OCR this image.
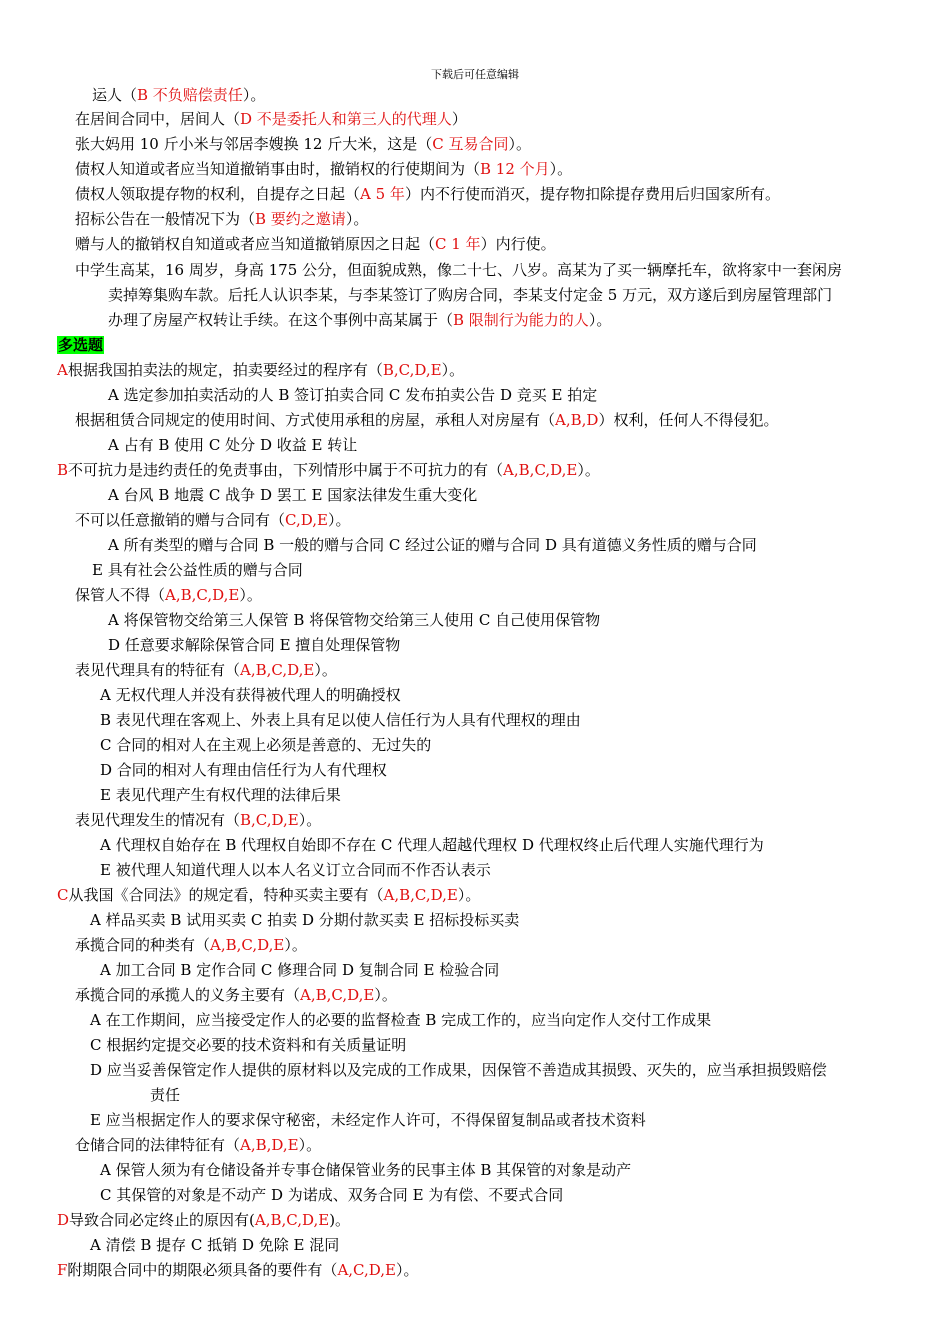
下载后可任意编辑
运人（B 不负赔偿责任）。
在居间合同中，居间人（D 不是委托人和第三人的代理人）
张大妈用 10 斤小米与邻居李嫂换 12 斤大米，这是（C 互易合同）。
债权人知道或者应当知道撤销事由时，撤销权的行使期间为（B 12 个月）。
债权人领取提存物的权利，自提存之日起（A 5 年）内不行使而消灭，提存物扣除提存费用后归国家所有。
招标公告在一般情况下为（B 要约之邀请）。
赠与人的撤销权自知道或者应当知道撤销原因之日起（C 1 年）内行使。
中学生高某，16 周岁，身高 175 公分，但面貌成熟，像二十七、八岁。高某为了买一辆摩托车，欲将家中一套闲房
卖掉筹集购车款。后托人认识李某，与李某签订了购房合同，李某支付定金 5 万元，双方遂后到房屋管理部门
办理了房屋产权转让手续。在这个事例中高某属于（B 限制行为能力的人）。
多选题
A根据我国拍卖法的规定，拍卖要经过的程序有（B,C,D,E）。
A 选定参加拍卖活动的人 B 签订拍卖合同 C 发布拍卖公告 D 竞买 E 拍定
根据租赁合同规定的使用时间、方式使用承租的房屋，承租人对房屋有（A,B,D）权利，任何人不得侵犯。
A 占有 B 使用 C 处分 D 收益 E 转让
B不可抗力是违约责任的免责事由，下列情形中属于不可抗力的有（A,B,C,D,E）。
A 台风 B 地震 C 战争 D 罢工 E 国家法律发生重大变化
不可以任意撤销的赠与合同有（C,D,E）。
A 所有类型的赠与合同 B 一般的赠与合同 C 经过公证的赠与合同 D 具有道德义务性质的赠与合同
E 具有社会公益性质的赠与合同
保管人不得（A,B,C,D,E）。
A 将保管物交给第三人保管 B 将保管物交给第三人使用 C 自己使用保管物
D 任意要求解除保管合同 E 擅自处理保管物
表见代理具有的特征有（A,B,C,D,E）。
A 无权代理人并没有获得被代理人的明确授权
B 表见代理在客观上、外表上具有足以使人信任行为人具有代理权的理由
C 合同的相对人在主观上必须是善意的、无过失的
D 合同的相对人有理由信任行为人有代理权
E 表见代理产生有权代理的法律后果
表见代理发生的情况有（B,C,D,E）。
A 代理权自始存在 B 代理权自始即不存在 C 代理人超越代理权 D 代理权终止后代理人实施代理行为
E 被代理人知道代理人以本人名义订立合同而不作否认表示
C从我国《合同法》的规定看，特种买卖主要有（A,B,C,D,E）。
A 样品买卖 B 试用买卖 C 拍卖 D 分期付款买卖 E 招标投标买卖
承揽合同的种类有（A,B,C,D,E）。
A 加工合同 B 定作合同 C 修理合同 D 复制合同 E 检验合同
承揽合同的承揽人的义务主要有（A,B,C,D,E）。
A 在工作期间，应当接受定作人的必要的监督检查 B 完成工作的，应当向定作人交付工作成果
C 根据约定提交必要的技术资料和有关质量证明
D 应当妥善保管定作人提供的原材料以及完成的工作成果，因保管不善造成其损毁、灭失的，应当承担损毁赔偿
责任
E 应当根据定作人的要求保守秘密，未经定作人许可，不得保留复制品或者技术资料
仓储合同的法律特征有（A,B,D,E）。
A 保管人须为有仓储设备并专事仓储保管业务的民事主体 B 其保管的对象是动产
C 其保管的对象是不动产 D 为诺成、双务合同 E 为有偿、不要式合同
D导致合同必定终止的原因有(A,B,C,D,E)。
A 清偿 B 提存 C 抵销 D 免除 E 混同
F附期限合同中的期限必须具备的要件有（A,C,D,E）。
